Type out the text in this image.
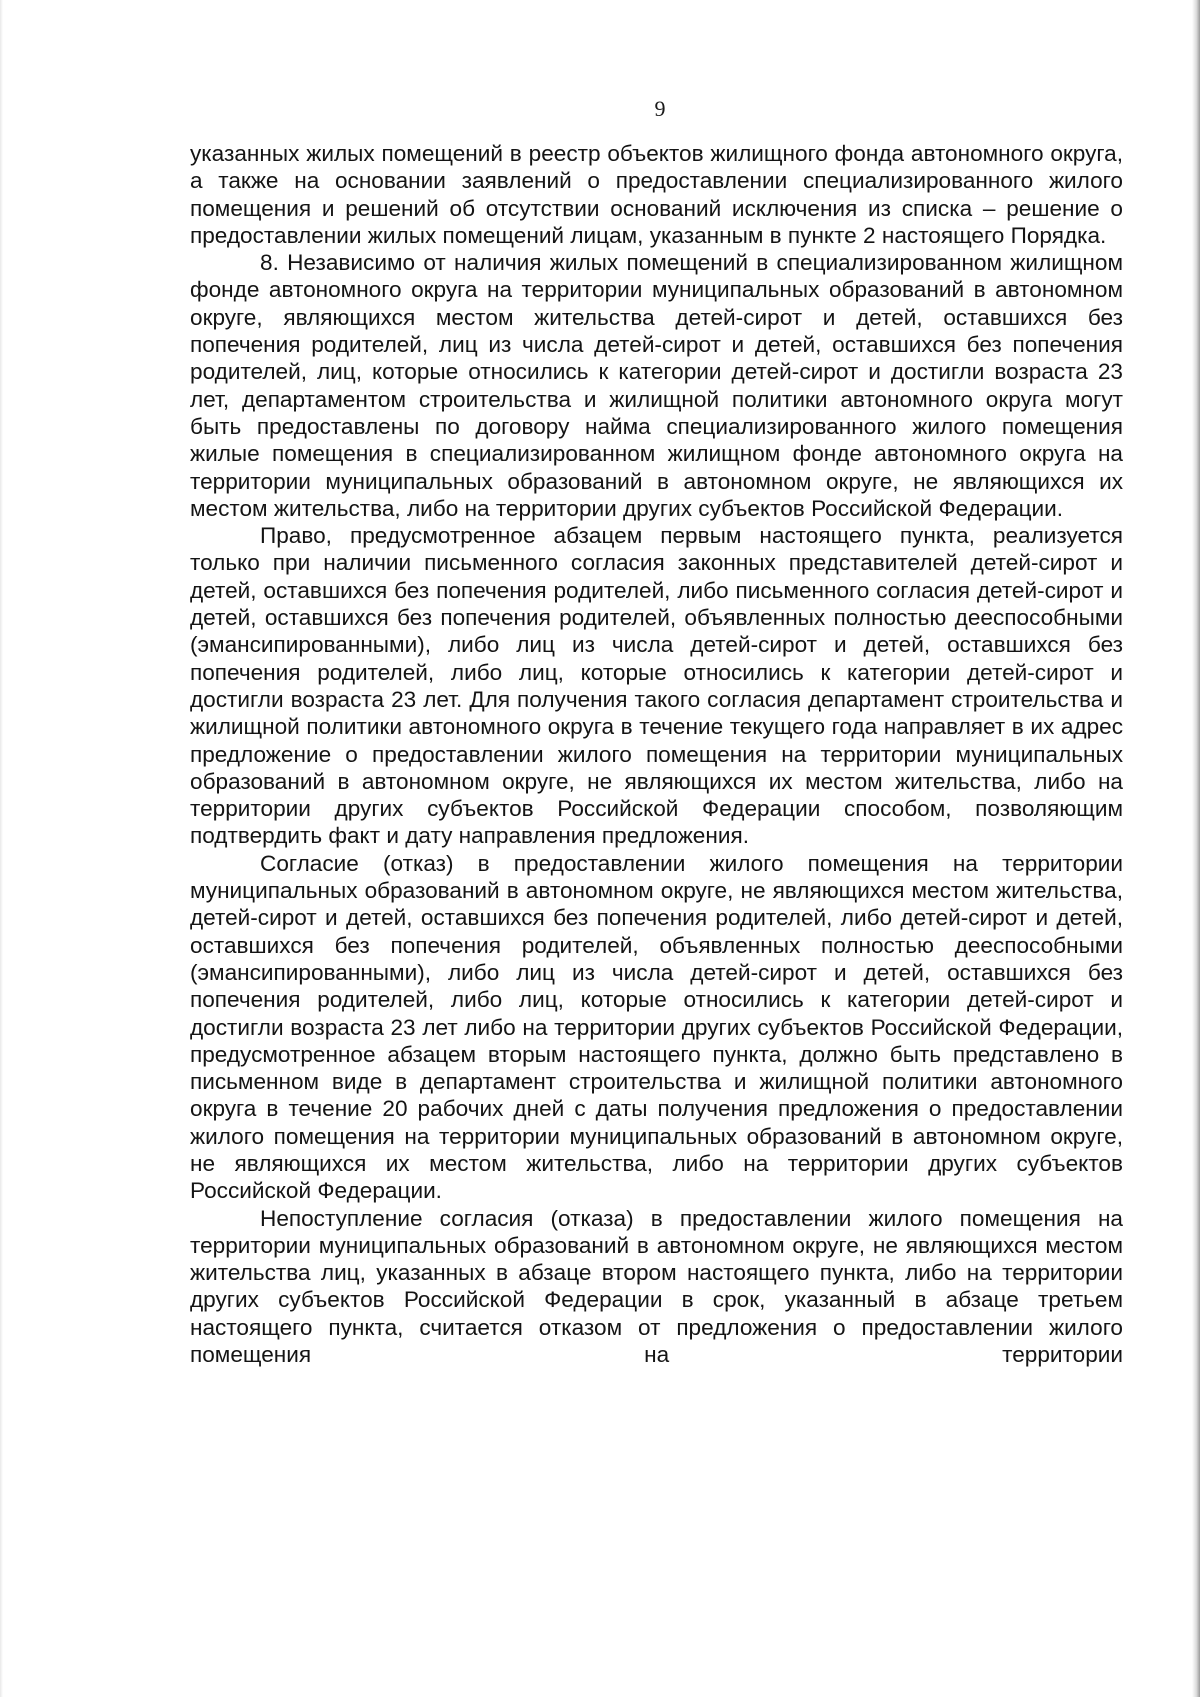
9

указанных жилых помещений в реестр объектов жилищного фонда автономного округа, а также на основании заявлений о предоставлении специализированного жилого помещения и решений об отсутствии оснований исключения из списка – решение о предоставлении жилых помещений лицам, указанным в пункте 2 настоящего Порядка.

8. Независимо от наличия жилых помещений в специализированном жилищном фонде автономного округа на территории муниципальных образований в автономном округе, являющихся местом жительства детей-сирот и детей, оставшихся без попечения родителей, лиц из числа детей-сирот и детей, оставшихся без попечения родителей, лиц, которые относились к категории детей-сирот и достигли возраста 23 лет, департаментом строительства и жилищной политики автономного округа могут быть предоставлены по договору найма специализированного жилого помещения жилые помещения в специализированном жилищном фонде автономного округа на территории муниципальных образований в автономном округе, не являющихся их местом жительства, либо на территории других субъектов Российской Федерации.

Право, предусмотренное абзацем первым настоящего пункта, реализуется только при наличии письменного согласия законных представителей детей-сирот и детей, оставшихся без попечения родителей, либо письменного согласия детей-сирот и детей, оставшихся без попечения родителей, объявленных полностью дееспособными (эмансипированными), либо лиц из числа детей-сирот и детей, оставшихся без попечения родителей, либо лиц, которые относились к категории детей-сирот и достигли возраста 23 лет. Для получения такого согласия департамент строительства и жилищной политики автономного округа в течение текущего года направляет в их адрес предложение о предоставлении жилого помещения на территории муниципальных образований в автономном округе, не являющихся их местом жительства, либо на территории других субъектов Российской Федерации способом, позволяющим подтвердить факт и дату направления предложения.

Согласие (отказ) в предоставлении жилого помещения на территории муниципальных образований в автономном округе, не являющихся местом жительства, детей-сирот и детей, оставшихся без попечения родителей, либо детей-сирот и детей, оставшихся без попечения родителей, объявленных полностью дееспособными (эмансипированными), либо лиц из числа детей-сирот и детей, оставшихся без попечения родителей, либо лиц, которые относились к категории детей-сирот и достигли возраста 23 лет либо на территории других субъектов Российской Федерации, предусмотренное абзацем вторым настоящего пункта, должно быть представлено в письменном виде в департамент строительства и жилищной политики автономного округа в течение 20 рабочих дней с даты получения предложения о предоставлении жилого помещения на территории муниципальных образований в автономном округе, не являющихся их местом жительства, либо на территории других субъектов Российской Федерации.

Непоступление согласия (отказа) в предоставлении жилого помещения на территории муниципальных образований в автономном округе, не являющихся местом жительства лиц, указанных в абзаце втором настоящего пункта, либо на территории других субъектов Российской Федерации в срок, указанный в абзаце третьем настоящего пункта, считается отказом от предложения о предоставлении жилого помещения на территории
